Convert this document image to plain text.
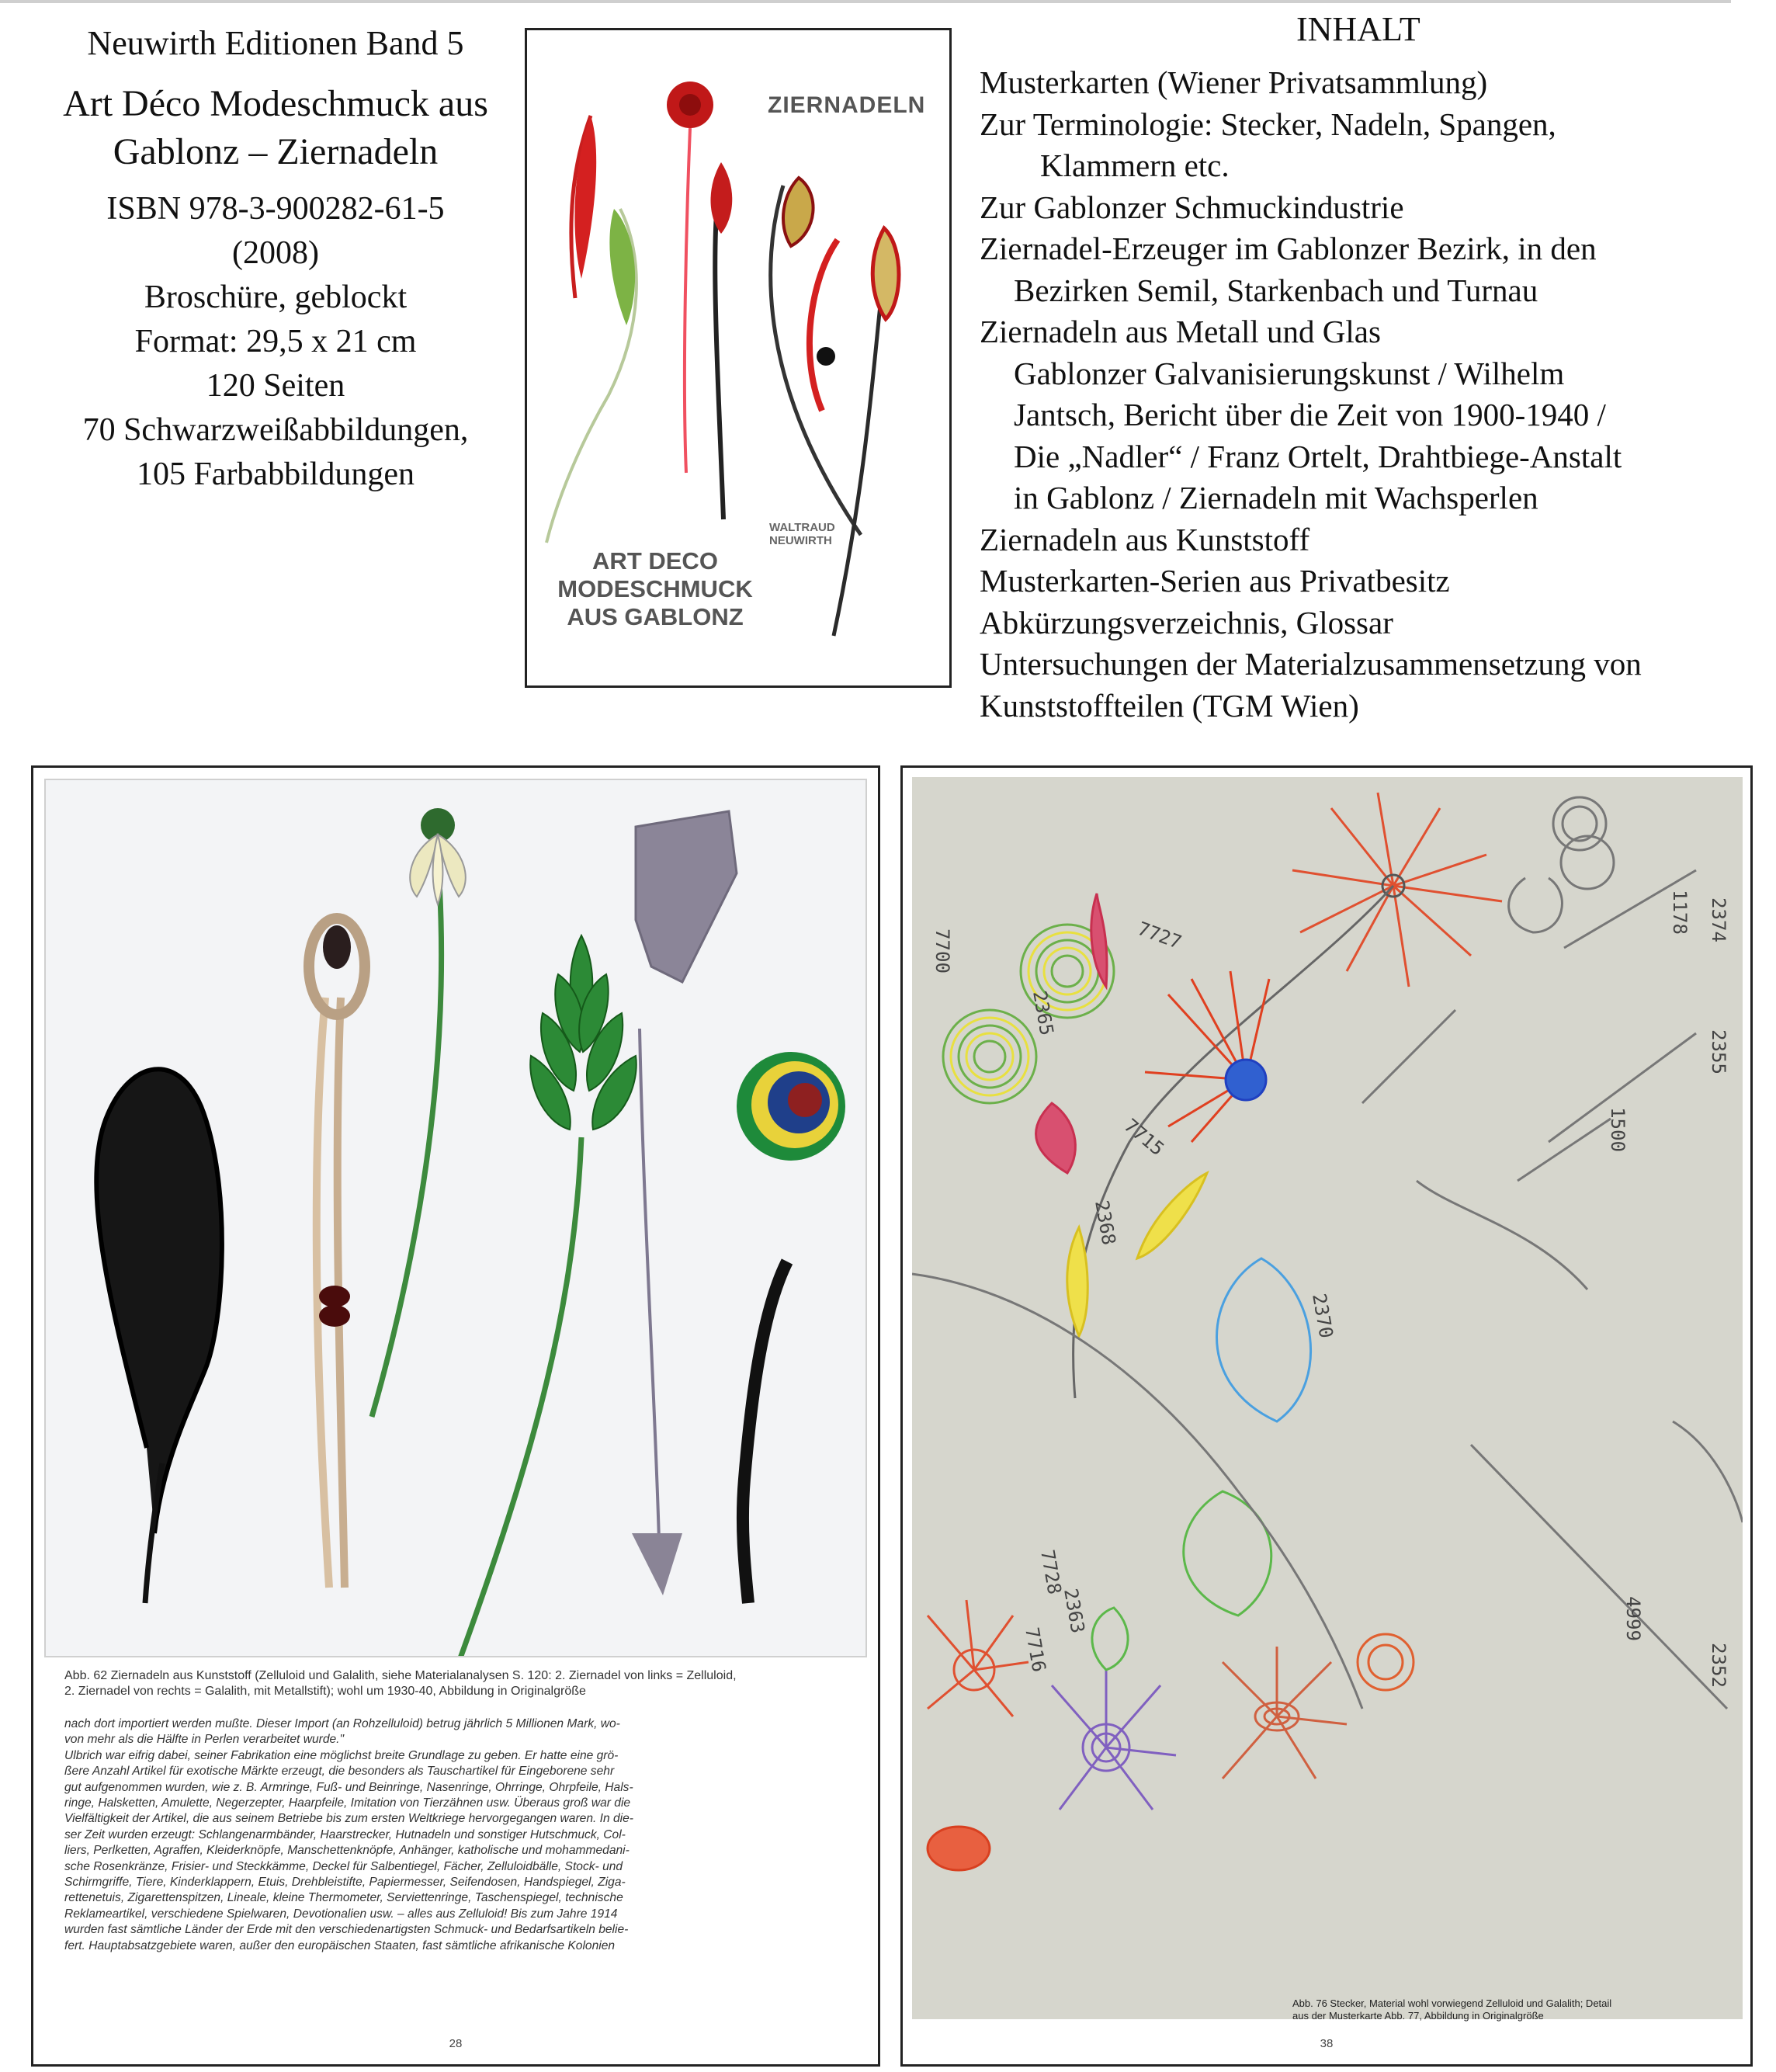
Neuwirth Editionen Band 5
Art Déco Modeschmuck aus
Gablonz – Ziernadeln
ISBN 978-3-900282-61-5
(2008)
Broschüre, geblockt
Format: 29,5 x 21 cm
120 Seiten
70 Schwarzweißabbildungen,
105 Farbabbildungen
ZIERNADELN
WALTRAUD
NEUWIRTH
ART DECO
MODESCHMUCK
AUS GABLONZ
INHALT
Musterkarten (Wiener Privatsammlung)
Zur Terminologie: Stecker, Nadeln, Spangen,
Klammern etc.
Zur Gablonzer Schmuckindustrie
Ziernadel-Erzeuger im Gablonzer Bezirk, in den
Bezirken Semil, Starkenbach und Turnau
Ziernadeln aus Metall und Glas
Gablonzer Galvanisierungskunst / Wilhelm
Jantsch, Bericht über die Zeit von 1900-1940 /
Die „Nadler“ / Franz Ortelt, Drahtbiege-Anstalt
in Gablonz / Ziernadeln mit Wachsperlen
Ziernadeln aus Kunststoff
Musterkarten-Serien aus Privatbesitz
Abkürzungsverzeichnis, Glossar
Untersuchungen der Materialzusammensetzung von
Kunststoffteilen (TGM Wien)
Abb. 62 Ziernadeln aus Kunststoff (Zelluloid und Galalith, siehe Materialanalysen S. 120: 2. Ziernadel von links = Zelluloid,
2. Ziernadel von rechts = Galalith, mit Metallstift); wohl um 1930-40, Abbildung in Originalgröße
nach dort importiert werden mußte. Dieser Import (an Rohzelluloid) betrug jährlich 5 Millionen Mark, wo-
von mehr als die Hälfte in Perlen verarbeitet wurde."
Ulbrich war eifrig dabei, seiner Fabrikation eine möglichst breite Grundlage zu geben. Er hatte eine grö-
ßere Anzahl Artikel für exotische Märkte erzeugt, die besonders als Tauschartikel für Eingeborene sehr
gut aufgenommen wurden, wie z. B. Armringe, Fuß- und Beinringe, Nasenringe, Ohrringe, Ohrpfeile, Hals-
ringe, Halsketten, Amulette, Negerzepter, Haarpfeile, Imitation von Tierzähnen usw. Überaus groß war die
Vielfältigkeit der Artikel, die aus seinem Betriebe bis zum ersten Weltkriege hervorgegangen waren. In die-
ser Zeit wurden erzeugt: Schlangenarmbänder, Haarstrecker, Hutnadeln und sonstiger Hutschmuck, Col-
liers, Perlketten, Agraffen, Kleiderknöpfe, Manschettenknöpfe, Anhänger, katholische und mohammedani-
sche Rosenkränze, Frisier- und Steckkämme, Deckel für Salbentiegel, Fächer, Zelluloidbälle, Stock- und
Schirmgriffe, Tiere, Kinderklappern, Etuis, Drehbleistifte, Papiermesser, Seifendosen, Handspiegel, Ziga-
rettenetuis, Zigarettenspitzen, Lineale, kleine Thermometer, Serviettenringe, Taschenspiegel, technische
Reklameartikel, verschiedene Spielwaren, Devotionalien usw. – alles aus Zelluloid! Bis zum Jahre 1914
wurden fast sämtliche Länder der Erde mit den verschiedenartigsten Schmuck- und Bedarfsartikeln belie-
fert. Hauptabsatzgebiete waren, außer den europäischen Staaten, fast sämtliche afrikanische Kolonien
28
7727
7715
2365
2368
2363
7728
2370
7716
2374
1178
2355
1500
7700
2352
4999
Abb. 76 Stecker, Material wohl vorwiegend Zelluloid und Galalith; Detail
aus der Musterkarte Abb. 77, Abbildung in Originalgröße
38
